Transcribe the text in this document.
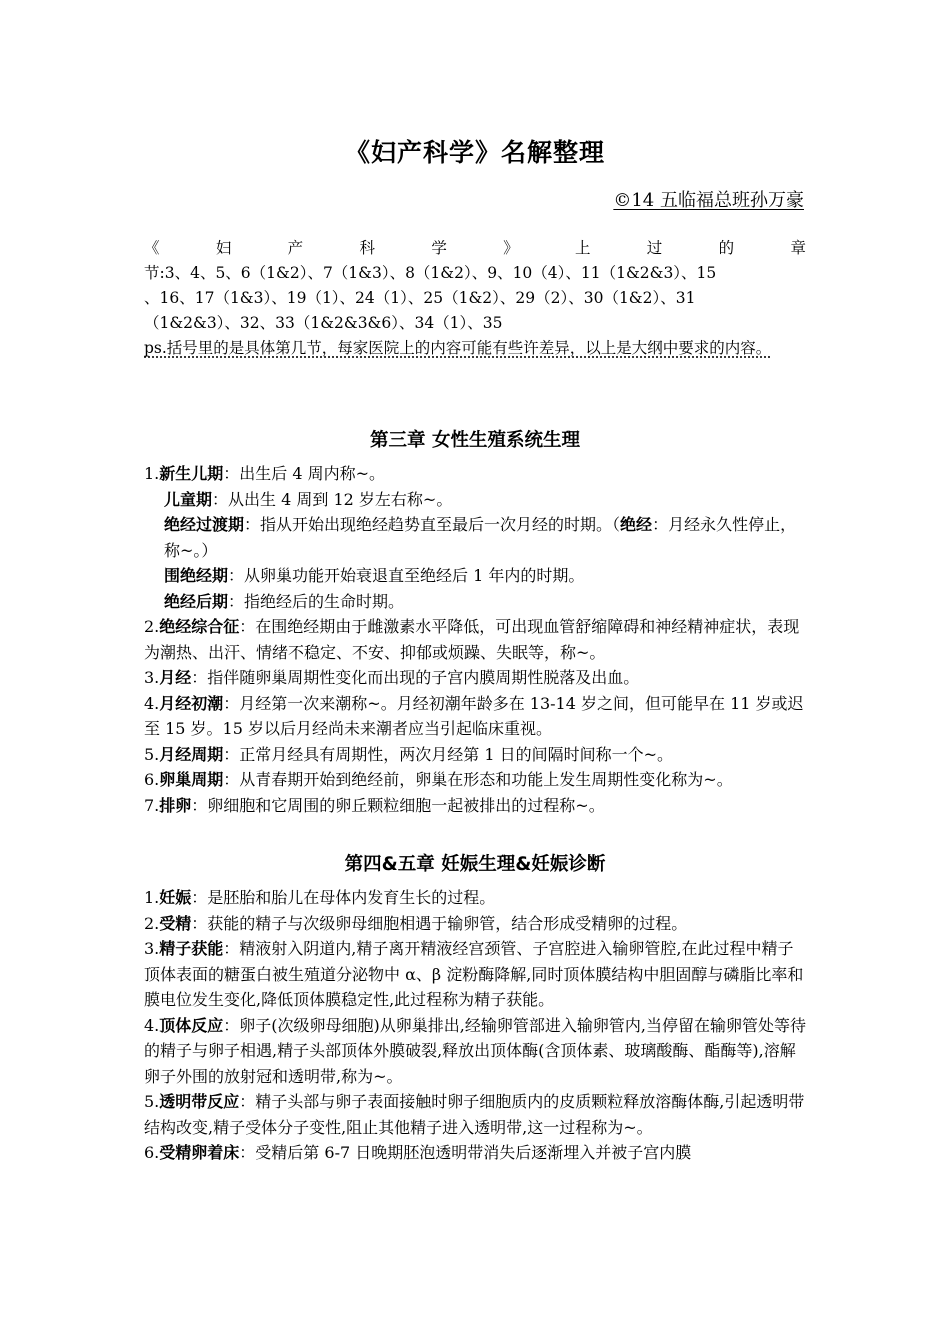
《妇产科学》名解整理
©14 五临福总班孙万豪
《	妇	产	科	学	》	上	过	的	章
节:3、4、5、6（1&2）、7（1&3）、8（1&2）、9、10（4）、11（1&2&3）、15
、16、17（1&3）、19（1）、24（1）、25（1&2）、29（2）、30（1&2）、31
（1&2&3）、32、33（1&2&3&6）、34（1）、35
ps.括号里的是具体第几节，每家医院上的内容可能有些许差异，以上是大纲中要求的内容。
第三章 女性生殖系统生理

1.新生儿期：出生后 4 周内称~。

儿童期：从出生 4 周到 12 岁左右称~。

绝经过渡期：指从开始出现绝经趋势直至最后一次月经的时期。（绝经：月经永久性停止，称~。）

围绝经期：从卵巢功能开始衰退直至绝经后 1 年内的时期。

绝经后期：指绝经后的生命时期。

2.绝经综合征：在围绝经期由于雌激素水平降低，可出现血管舒缩障碍和神经精神症状，表现为潮热、出汗、情绪不稳定、不安、抑郁或烦躁、失眠等，称~。

3.月经：指伴随卵巢周期性变化而出现的子宫内膜周期性脱落及出血。

4.月经初潮：月经第一次来潮称~。月经初潮年龄多在 13-14 岁之间，但可能早在 11 岁或迟至 15 岁。15 岁以后月经尚未来潮者应当引起临床重视。

5.月经周期：正常月经具有周期性，两次月经第 1 日的间隔时间称一个~。

6.卵巢周期：从青春期开始到绝经前，卵巢在形态和功能上发生周期性变化称为~。

7.排卵：卵细胞和它周围的卵丘颗粒细胞一起被排出的过程称~。

第四&五章 妊娠生理&妊娠诊断

1.妊娠：是胚胎和胎儿在母体内发育生长的过程。

2.受精：获能的精子与次级卵母细胞相遇于输卵管，结合形成受精卵的过程。

3.精子获能：精液射入阴道内,精子离开精液经宫颈管、子宫腔进入输卵管腔,在此过程中精子顶体表面的糖蛋白被生殖道分泌物中 α、β 淀粉酶降解,同时顶体膜结构中胆固醇与磷脂比率和膜电位发生变化,降低顶体膜稳定性,此过程称为精子获能。

4.顶体反应：卵子(次级卵母细胞)从卵巢排出,经输卵管部进入输卵管内,当停留在输卵管处等待的精子与卵子相遇,精子头部顶体外膜破裂,释放出顶体酶(含顶体素、玻璃酸酶、酯酶等),溶解卵子外围的放射冠和透明带,称为~。

5.透明带反应：精子头部与卵子表面接触时卵子细胞质内的皮质颗粒释放溶酶体酶,引起透明带结构改变,精子受体分子变性,阻止其他精子进入透明带,这一过程称为~。

6.受精卵着床：受精后第 6-7 日晚期胚泡透明带消失后逐渐埋入并被子宫内膜
